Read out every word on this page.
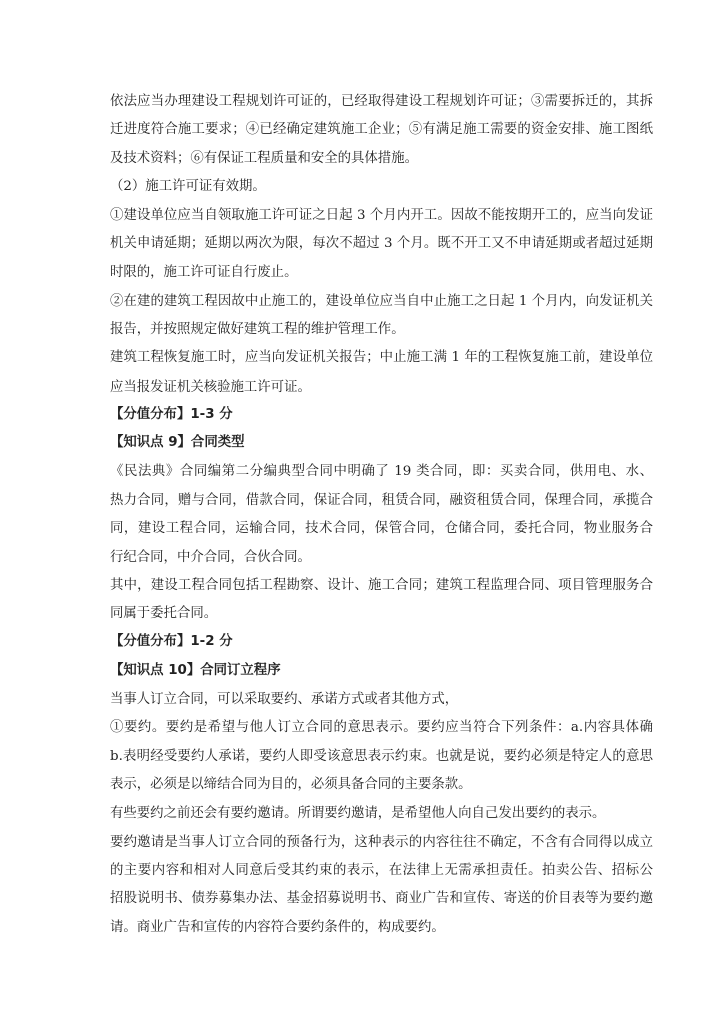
依法应当办理建设工程规划许可证的，已经取得建设工程规划许可证；③需要拆迁的，其拆
迁进度符合施工要求；④已经确定建筑施工企业；⑤有满足施工需要的资金安排、施工图纸
及技术资料；⑥有保证工程质量和安全的具体措施。
（2）施工许可证有效期。
①建设单位应当自领取施工许可证之日起 3 个月内开工。因故不能按期开工的，应当向发证
机关申请延期；延期以两次为限，每次不超过 3 个月。既不开工又不申请延期或者超过延期
时限的，施工许可证自行废止。
②在建的建筑工程因故中止施工的，建设单位应当自中止施工之日起 1 个月内，向发证机关
报告，并按照规定做好建筑工程的维护管理工作。
建筑工程恢复施工时，应当向发证机关报告；中止施工满 1 年的工程恢复施工前，建设单位
应当报发证机关核验施工许可证。
【分值分布】1-3 分
【知识点 9】合同类型
《民法典》合同编第二分编典型合同中明确了 19 类合同，即：买卖合同，供用电、水、
热力合同，赠与合同，借款合同，保证合同，租赁合同，融资租赁合同，保理合同，承揽合
同，建设工程合同，运输合同，技术合同，保管合同，仓储合同，委托合同，物业服务合
行纪合同，中介合同，合伙合同。
其中，建设工程合同包括工程勘察、设计、施工合同；建筑工程监理合同、项目管理服务合
同属于委托合同。
【分值分布】1-2 分
【知识点 10】合同订立程序
当事人订立合同，可以采取要约、承诺方式或者其他方式，
①要约。要约是希望与他人订立合同的意思表示。要约应当符合下列条件：a.内容具体确
b.表明经受要约人承诺，要约人即受该意思表示约束。也就是说，要约必须是特定人的意思
表示，必须是以缔结合同为目的，必须具备合同的主要条款。
有些要约之前还会有要约邀请。所谓要约邀请，是希望他人向自己发出要约的表示。
要约邀请是当事人订立合同的预备行为，这种表示的内容往往不确定，不含有合同得以成立
的主要内容和相对人同意后受其约束的表示，在法律上无需承担责任。拍卖公告、招标公
招股说明书、债券募集办法、基金招募说明书、商业广告和宣传、寄送的价目表等为要约邀
请。商业广告和宣传的内容符合要约条件的，构成要约。
